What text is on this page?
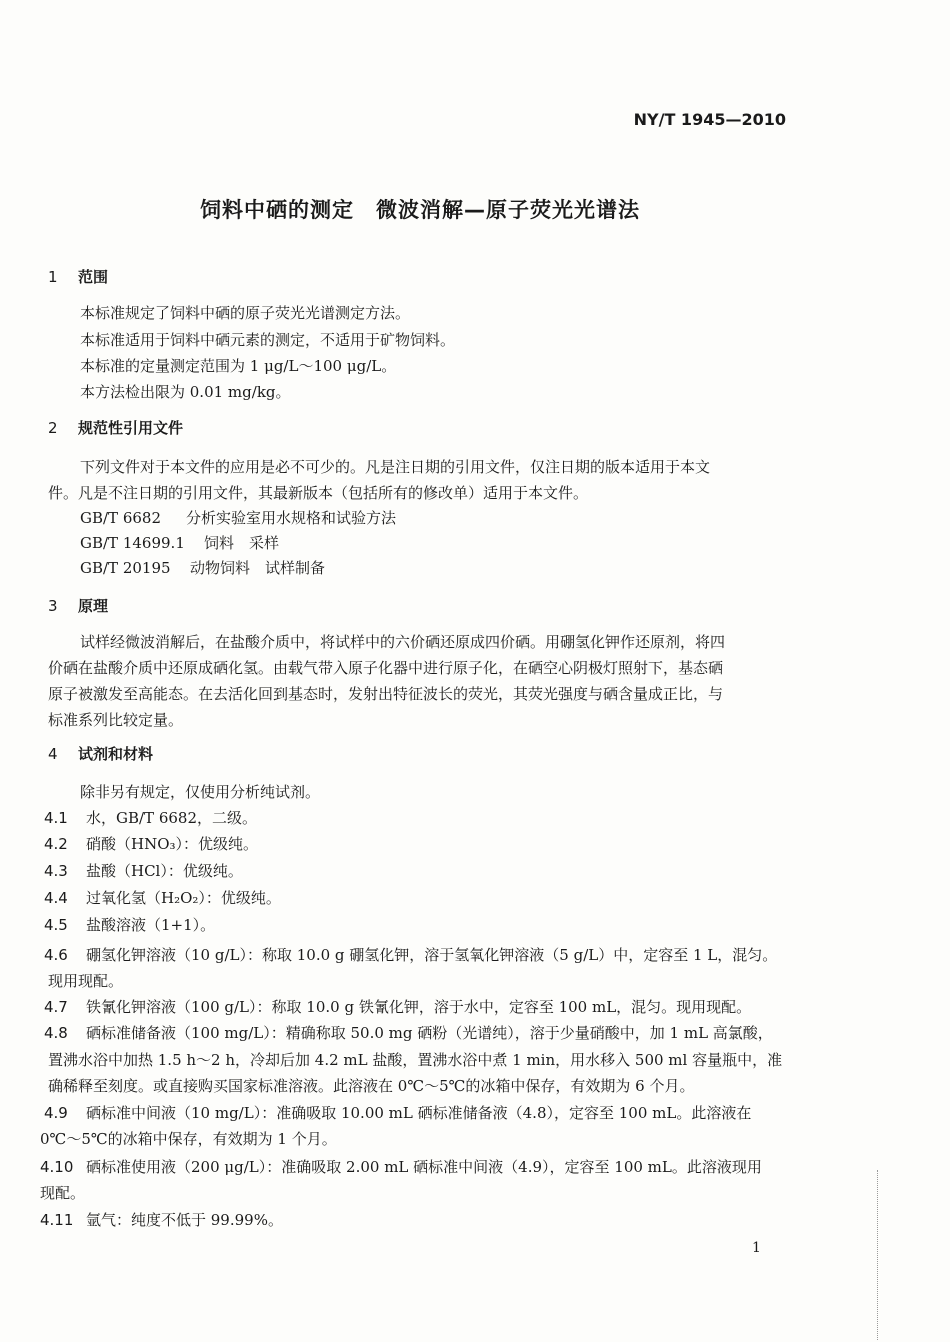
NY/T 1945—2010
饲料中硒的测定 微波消解—原子荧光光谱法
1 范围
本标准规定了饲料中硒的原子荧光光谱测定方法。
本标准适用于饲料中硒元素的测定，不适用于矿物饲料。
本标准的定量测定范围为 1 μg/L～100 μg/L。
本方法检出限为 0.01 mg/kg。
2 规范性引用文件
下列文件对于本文件的应用是必不可少的。凡是注日期的引用文件，仅注日期的版本适用于本文
件。凡是不注日期的引用文件，其最新版本（包括所有的修改单）适用于本文件。
GB/T 6682 分析实验室用水规格和试验方法
GB/T 14699.1 饲料　采样
GB/T 20195 动物饲料　试样制备
3 原理
试样经微波消解后，在盐酸介质中，将试样中的六价硒还原成四价硒。用硼氢化钾作还原剂，将四
价硒在盐酸介质中还原成硒化氢。由载气带入原子化器中进行原子化，在硒空心阴极灯照射下，基态硒
原子被激发至高能态。在去活化回到基态时，发射出特征波长的荧光，其荧光强度与硒含量成正比，与
标准系列比较定量。
4 试剂和材料
除非另有规定，仅使用分析纯试剂。
4.1 水，GB/T 6682，二级。
4.2 硝酸（HNO₃）：优级纯。
4.3 盐酸（HCl）：优级纯。
4.4 过氧化氢（H₂O₂）：优级纯。
4.5 盐酸溶液（1+1）。
4.6 硼氢化钾溶液（10 g/L）：称取 10.0 g 硼氢化钾，溶于氢氧化钾溶液（5 g/L）中，定容至 1 L，混匀。
现用现配。
4.7 铁氰化钾溶液（100 g/L）：称取 10.0 g 铁氰化钾，溶于水中，定容至 100 mL，混匀。现用现配。
4.8 硒标准储备液（100 mg/L）：精确称取 50.0 mg 硒粉（光谱纯），溶于少量硝酸中，加 1 mL 高氯酸，
置沸水浴中加热 1.5 h～2 h，冷却后加 4.2 mL 盐酸，置沸水浴中煮 1 min，用水移入 500 ml 容量瓶中，准
确稀释至刻度。或直接购买国家标准溶液。此溶液在 0℃～5℃的冰箱中保存，有效期为 6 个月。
4.9 硒标准中间液（10 mg/L）：准确吸取 10.00 mL 硒标准储备液（4.8），定容至 100 mL。此溶液在
0℃～5℃的冰箱中保存，有效期为 1 个月。
4.10 硒标准使用液（200 μg/L）：准确吸取 2.00 mL 硒标准中间液（4.9），定容至 100 mL。此溶液现用
现配。
4.11 氩气：纯度不低于 99.99%。
1
